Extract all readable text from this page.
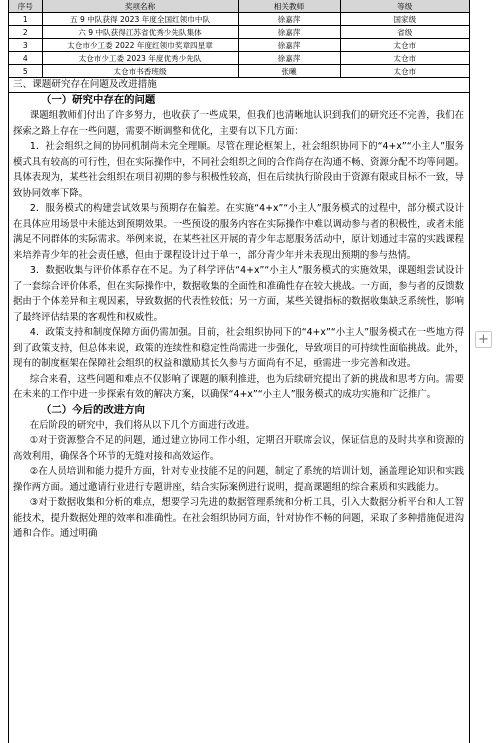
序号	奖项名称	相关教师	等级
1	五 9 中队获得 2023 年度全国红领巾中队	徐嘉萍	国家级
2	六 9 中队获得江苏省优秀少先队集体	徐嘉萍	省级
3	太仓市少工委 2022 年度红领巾奖章四星章	徐嘉萍	太仓市
4	太仓市少工委 2023 年度优秀少先队	徐嘉萍	太仓市
5	太仓市书香班级	张曦	太仓市
三、课题研究存在问题及改进措施

（一）研究中存在的问题

课题组教师们付出了许多努力，也收获了一些成果，但我们也清晰地认识到我们的研究还不完善，我们在探索之路上存在一些问题，需要不断调整和优化，主要有以下几方面：

1．社会组织之间的协同机制尚未完全理顺。尽管在理论框架上，社会组织协同下的“4+x”“小主人”服务模式具有较高的可行性，但在实际操作中，不同社会组织之间的合作尚存在沟通不畅、资源分配不均等问题。具体表现为，某些社会组织在项目初期的参与积极性较高，但在后续执行阶段由于资源有限或目标不一致，导致协同效率下降。

2．服务模式的构建尝试效果与预期存在偏差。在实施“4+x”“小主人”服务模式的过程中，部分模式设计在具体应用场景中未能达到预期效果。一些预设的服务内容在实际操作中难以调动参与者的积极性，或者未能满足不同群体的实际需求。举例来说，在某些社区开展的青少年志愿服务活动中，原计划通过丰富的实践课程来培养青少年的社会责任感，但由于课程设计过于单一，部分青少年并未表现出预期的参与热情。

3．数据收集与评价体系存在不足。为了科学评估“4+x”“小主人”服务模式的实施效果，课题组尝试设计了一套综合评价体系，但在实际操作中，数据收集的全面性和准确性存在较大挑战。一方面，参与者的反馈数据由于个体差异和主观因素，导致数据的代表性较低；另一方面，某些关键指标的数据收集缺乏系统性，影响了最终评估结果的客观性和权威性。

4．政策支持和制度保障方面仍需加强。目前，社会组织协同下的“4+x”“小主人”服务模式在一些地方得到了政策支持，但总体来说，政策的连续性和稳定性尚需进一步强化，导致项目的可持续性面临挑战。此外，现有的制度框架在保障社会组织的权益和激励其长久参与方面尚有不足，亟需进一步完善和改进。

综合来看，这些问题和难点不仅影响了课题的顺利推进，也为后续研究提出了新的挑战和思考方向。需要在未来的工作中进一步探索有效的解决方案，以确保“4+x”“小主人”服务模式的成功实施和广泛推广。

（二）今后的改进方向

在后阶段的研究中，我们将从以下几个方面进行改进。

①对于资源整合不足的问题，通过建立协同工作小组，定期召开联席会议，保证信息的及时共享和资源的高效利用，确保各个环节的无缝对接和高效运作。

②在人员培训和能力提升方面，针对专业技能不足的问题，制定了系统的培训计划，涵盖理论知识和实践操作两方面。通过邀请行业进行专题讲座，结合实际案例进行说明，提高课题组的综合素质和实践能力。

③对于数据收集和分析的难点，想要学习先进的数据管理系统和分析工具，引入大数据分析平台和人工智能技术，提升数据处理的效率和准确性。在社会组织协同方面，针对协作不畅的问题，采取了多种措施促进沟通和合作。通过明确

+
